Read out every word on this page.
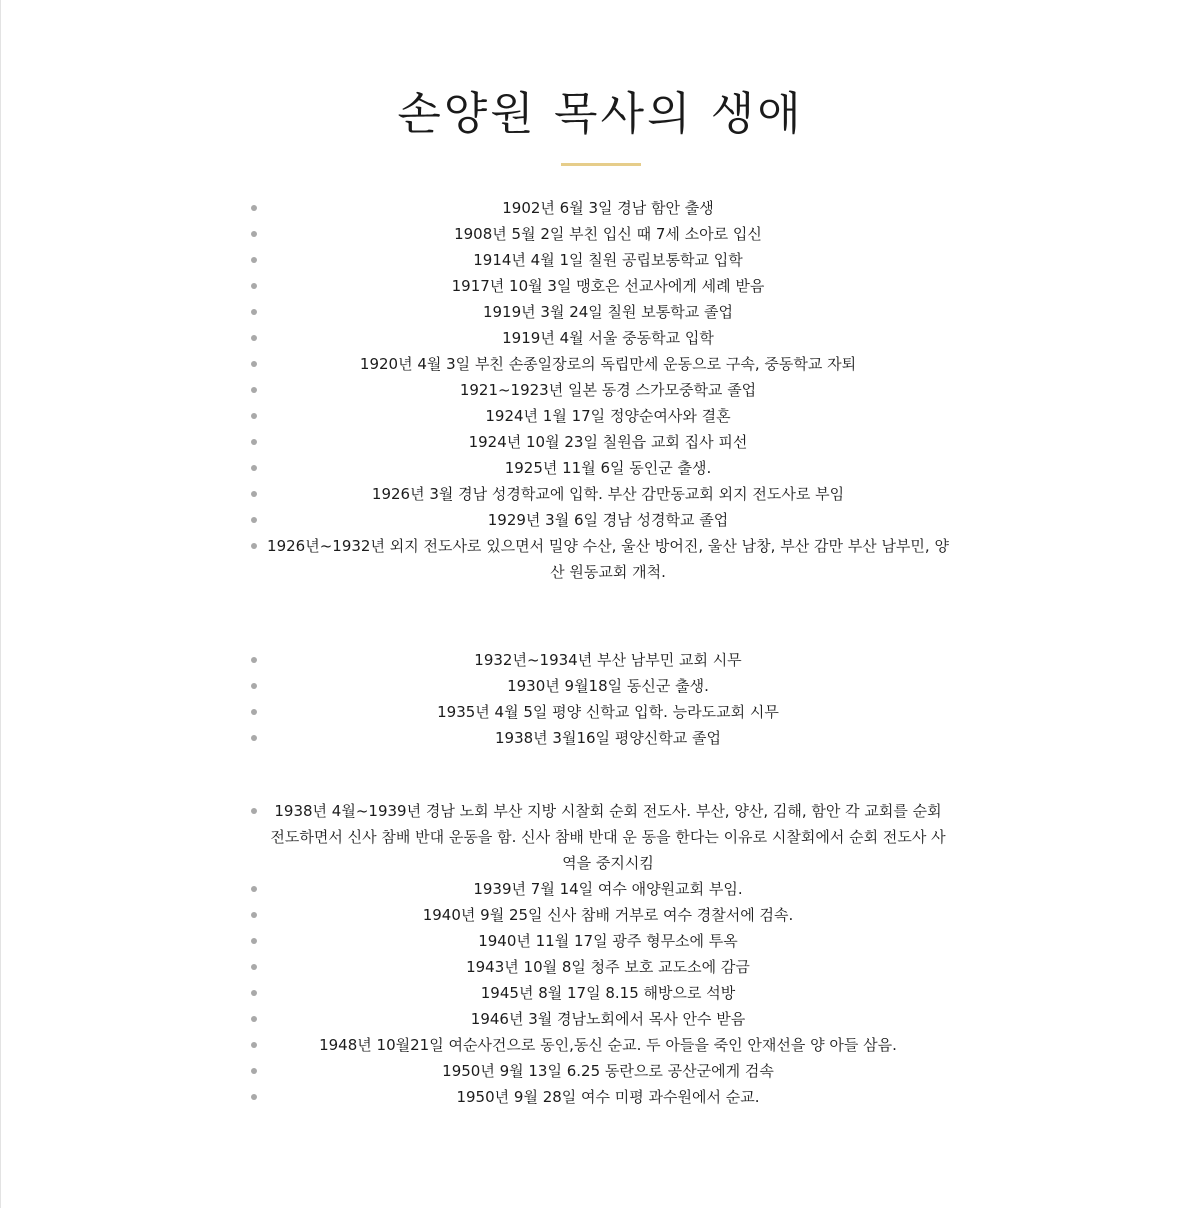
손양원 목사의 생애
1902년 6월 3일 경남 함안 출생
1908년 5월 2일 부친 입신 때 7세 소아로 입신
1914년 4월 1일 칠원 공립보통학교 입학
1917년 10월 3일 맹호은 선교사에게 세례 받음
1919년 3월 24일 칠원 보통학교 졸업
1919년 4월 서울 중동학교 입학
1920년 4월 3일 부친 손종일장로의 독립만세 운동으로 구속, 중동학교 자퇴
1921~1923년 일본 동경 스가모중학교 졸업
1924년 1월 17일 정양순여사와 결혼
1924년 10월 23일 칠원읍 교회 집사 피선
1925년 11월 6일 동인군 출생.
1926년 3월 경남 성경학교에 입학. 부산 감만동교회 외지 전도사로 부임
1929년 3월 6일 경남 성경학교 졸업
1926년~1932년 외지 전도사로 있으면서 밀양 수산, 울산 방어진, 울산 남창, 부산 감만 부산 남부민, 양산 원동교회 개척.
1932년~1934년 부산 남부민 교회 시무
1930년 9월18일 동신군 출생.
1935년 4월 5일 평양 신학교 입학. 능라도교회 시무
1938년 3월16일 평양신학교 졸업
1938년 4월~1939년 경남 노회 부산 지방 시찰회 순회 전도사. 부산, 양산, 김해, 함안 각 교회를 순회 전도하면서 신사 참배 반대 운동을 함. 신사 참배 반대 운 동을 한다는 이유로 시찰회에서 순회 전도사 사역을 중지시킴
1939년 7월 14일 여수 애양원교회 부임.
1940년 9월 25일 신사 참배 거부로 여수 경찰서에 검속.
1940년 11월 17일 광주 형무소에 투옥
1943년 10월 8일 청주 보호 교도소에 감금
1945년 8월 17일 8.15 해방으로 석방
1946년 3월 경남노회에서 목사 안수 받음
1948년 10월21일 여순사건으로 동인,동신 순교. 두 아들을 죽인 안재선을 양 아들 삼음.
1950년 9월 13일 6.25 동란으로 공산군에게 검속
1950년 9월 28일 여수 미평 과수원에서 순교.
